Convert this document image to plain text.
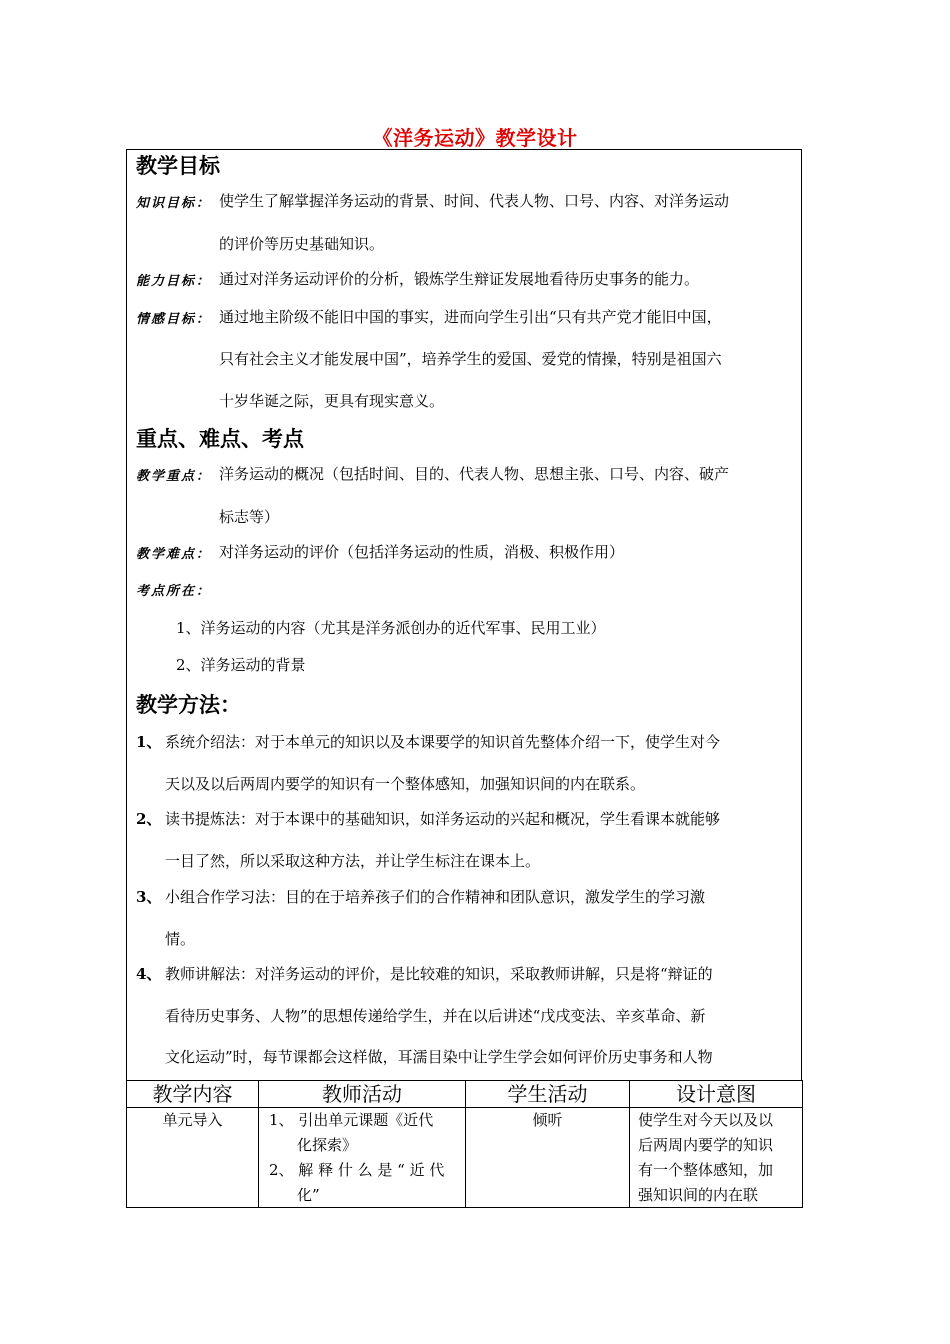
《洋务运动》教学设计
教学目标
知识目标： 使学生了解掌握洋务运动的背景、时间、代表人物、口号、内容、对洋务运动
的评价等历史基础知识。
能力目标： 通过对洋务运动评价的分析，锻炼学生辩证发展地看待历史事务的能力。
情感目标： 通过地主阶级不能旧中国的事实，进而向学生引出“只有共产党才能旧中国，
只有社会主义才能发展中国”，培养学生的爱国、爱党的情操，特别是祖国六
十岁华诞之际，更具有现实意义。
重点、难点、考点
教学重点： 洋务运动的概况（包括时间、目的、代表人物、思想主张、口号、内容、破产
标志等）
教学难点： 对洋务运动的评价（包括洋务运动的性质，消极、积极作用）
考点所在：
1、洋务运动的内容（尤其是洋务派创办的近代军事、民用工业）
2、洋务运动的背景
教学方法：
1、 系统介绍法：对于本单元的知识以及本课要学的知识首先整体介绍一下，使学生对今
天以及以后两周内要学的知识有一个整体感知，加强知识间的内在联系。
2、 读书提炼法：对于本课中的基础知识，如洋务运动的兴起和概况，学生看课本就能够
一目了然，所以采取这种方法，并让学生标注在课本上。
3、 小组合作学习法：目的在于培养孩子们的合作精神和团队意识，激发学生的学习激
情。
4、 教师讲解法：对洋务运动的评价，是比较难的知识，采取教师讲解，只是将“辩证的
看待历史事务、人物”的思想传递给学生，并在以后讲述“戊戌变法、辛亥革命、新
文化运动”时，每节课都会这样做，耳濡目染中让学生学会如何评价历史事务和人物
教学内容	教师活动	学生活动	设计意图
单元导入	1、 引出单元课题《近代
化探索》
2、 解 释 什 么 是 “ 近 代
化”
倾听	使学生对今天以及以
后两周内要学的知识
有一个整体感知，加
强知识间的内在联
